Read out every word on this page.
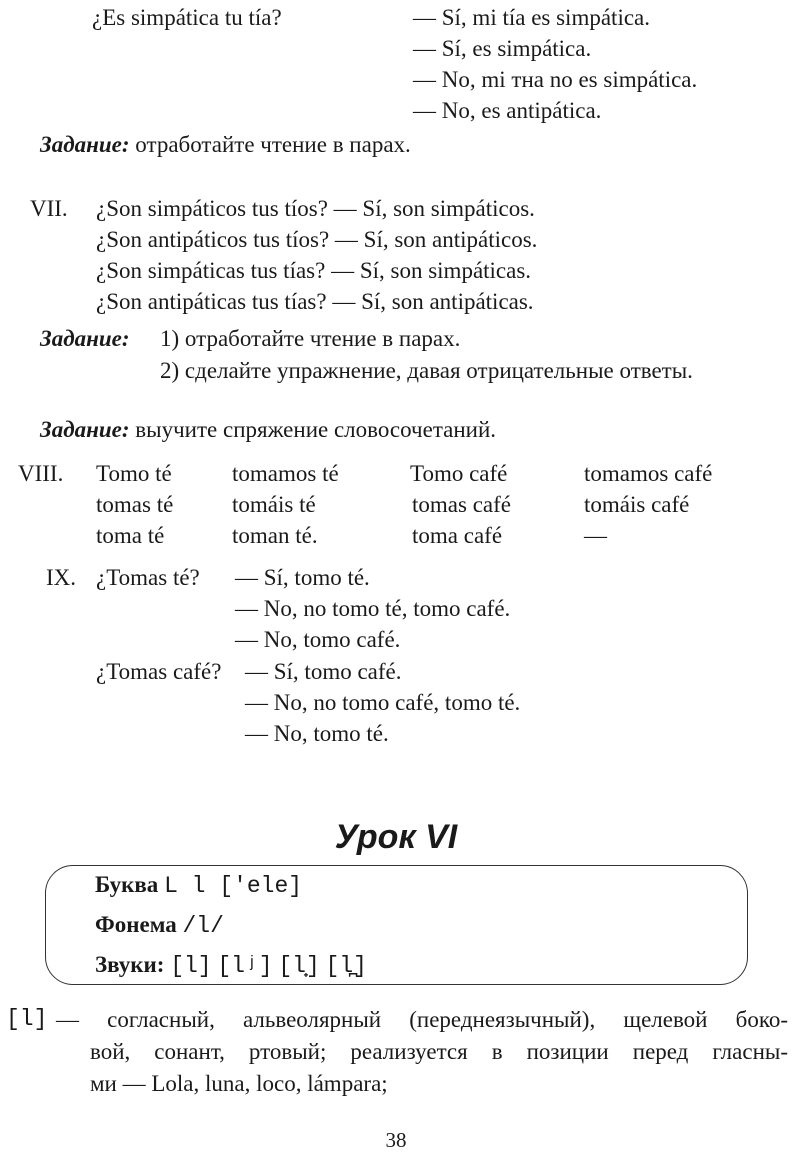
¿Es simpática tu tía?	— Sí, mi tía es simpática.
— Sí, es simpática.
— No, mi тна no es simpática.
— No, es antipática.
Задание: отработайте чтение в парах.
VII. ¿Son simpáticos tus tíos? — Sí, son simpáticos.
¿Son antipáticos tus tíos? — Sí, son antipáticos.
¿Son simpáticas tus tías? — Sí, son simpáticas.
¿Son antipáticas tus tías? — Sí, son antipáticas.
Задание: 1) отработайте чтение в парах.
2) сделайте упражнение, давая отрицательные ответы.
Задание: выучите спряжение словосочетаний.
VIII. Tomo té
tomas té
toma té
tomamos té
tomáis té
toman té.
Tomo café
tomas café
toma café
tomamos café
tomáis café
—
IX. ¿Tomas té? — Sí, tomo té.
— No, no tomo té, tomo café.
— No, tomo café.
¿Tomas café? — Sí, tomo café.
— No, no tomo café, tomo té.
— No, tomo té.
Урок VI
Буква L l ['ele]
Фонема /l/
Звуки: [l] [lʲ] [l̟] [l̪]
[l] — согласный, альвеолярный (переднеязычный), щелевой боко-
вой, сонант, ртовый; реализуется в позиции перед гласны-
ми — Lola, luna, loco, lámpara;
38
